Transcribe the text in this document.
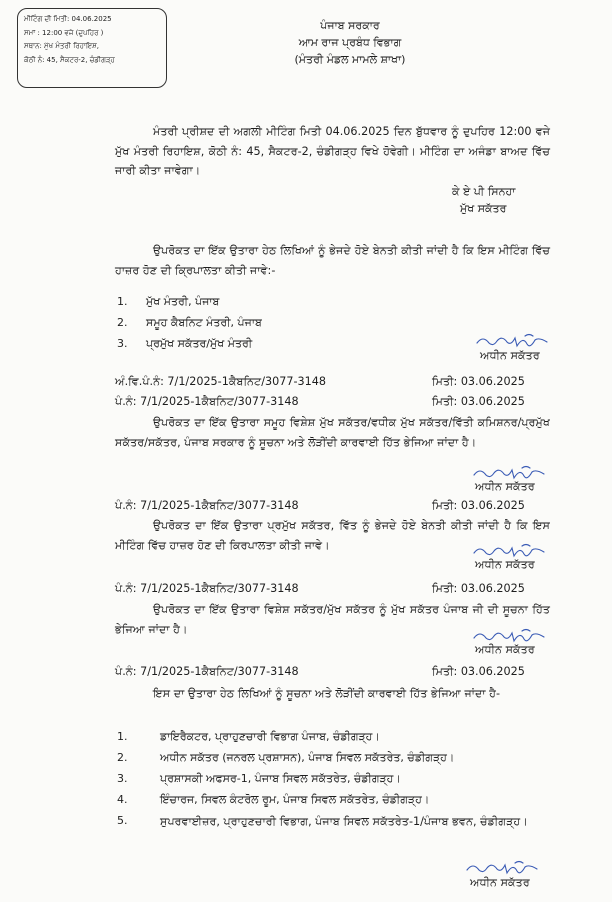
ਮੀਟਿੰਗ ਦੀ ਮਿਤੀ: 04.06.2025
ਸਮਾਂ : 12:00 ਵਜੇ (ਦੁਪਹਿਰ )
ਸਥਾਨ: ਮੁੱਖ ਮੰਤਰੀ ਰਿਹਾਇਸ਼,
ਕੋਠੀ ਨੰ: 45, ਸੈਕਟਰ-2, ਚੰਡੀਗੜ੍ਹ
ਪੰਜਾਬ ਸਰਕਾਰ
ਆਮ ਰਾਜ ਪ੍ਰਬੰਧ ਵਿਭਾਗ
(ਮੰਤਰੀ ਮੰਡਲ ਮਾਮਲੇ ਸ਼ਾਖਾ)
ਮੰਤਰੀ ਪ੍ਰੀਸ਼ਦ ਦੀ ਅਗਲੀ ਮੀਟਿੰਗ ਮਿਤੀ 04.06.2025 ਦਿਨ ਬੁੱਧਵਾਰ ਨੂੰ ਦੁਪਹਿਰ 12:00 ਵਜੇ ਮੁੱਖ ਮੰਤਰੀ ਰਿਹਾਇਸ਼, ਕੋਠੀ ਨੰ: 45, ਸੈਕਟਰ-2, ਚੰਡੀਗੜ੍ਹ ਵਿਖੇ ਹੋਵੇਗੀ। ਮੀਟਿੰਗ ਦਾ ਅਜੰਡਾ ਬਾਅਦ ਵਿੱਚ ਜਾਰੀ ਕੀਤਾ ਜਾਵੇਗਾ।
ਕੇ ਏ ਪੀ ਸਿਨਹਾ
ਮੁੱਖ ਸਕੱਤਰ
ਉਪਰੋਕਤ ਦਾ ਇੱਕ ਉਤਾਰਾ ਹੇਠ ਲਿਖਿਆਂ ਨੂੰ ਭੇਜਦੇ ਹੋਏ ਬੇਨਤੀ ਕੀਤੀ ਜਾਂਦੀ ਹੈ ਕਿ ਇਸ ਮੀਟਿੰਗ ਵਿੱਚ ਹਾਜ਼ਰ ਹੋਣ ਦੀ ਕ੍ਰਿਪਾਲਤਾ ਕੀਤੀ ਜਾਵੇ:-
1. ਮੁੱਖ ਮੰਤਰੀ, ਪੰਜਾਬ
2. ਸਮੂਹ ਕੈਬਨਿਟ ਮੰਤਰੀ, ਪੰਜਾਬ
3. ਪ੍ਰਮੁੱਖ ਸਕੱਤਰ/ਮੁੱਖ ਮੰਤਰੀ
ਅਧੀਨ ਸਕੱਤਰ
ਅੰ.ਵਿ.ਪੰ.ਨੰ: 7/1/2025-1ਕੈਬਨਿਟ/3077-3148	ਮਿਤੀ: 03.06.2025
ਪੰ.ਨੰ: 7/1/2025-1ਕੈਬਨਿਟ/3077-3148	ਮਿਤੀ: 03.06.2025
ਉਪਰੋਕਤ ਦਾ ਇੱਕ ਉਤਾਰਾ ਸਮੂਹ ਵਿਸ਼ੇਸ਼ ਮੁੱਖ ਸਕੱਤਰ/ਵਧੀਕ ਮੁੱਖ ਸਕੱਤਰ/ਵਿੱਤੀ ਕਮਿਸ਼ਨਰ/ਪ੍ਰਮੁੱਖ ਸਕੱਤਰ/ਸਕੱਤਰ, ਪੰਜਾਬ ਸਰਕਾਰ ਨੂੰ ਸੂਚਨਾ ਅਤੇ ਲੋੜੀਂਦੀ ਕਾਰਵਾਈ ਹਿੱਤ ਭੇਜਿਆ ਜਾਂਦਾ ਹੈ।
ਅਧੀਨ ਸਕੱਤਰ
ਪੰ.ਨੰ: 7/1/2025-1ਕੈਬਨਿਟ/3077-3148	ਮਿਤੀ: 03.06.2025
ਉਪਰੋਕਤ ਦਾ ਇੱਕ ਉਤਾਰਾ ਪ੍ਰਮੁੱਖ ਸਕੱਤਰ, ਵਿੱਤ ਨੂੰ ਭੇਜਦੇ ਹੋਏ ਬੇਨਤੀ ਕੀਤੀ ਜਾਂਦੀ ਹੈ ਕਿ ਇਸ ਮੀਟਿੰਗ ਵਿੱਚ ਹਾਜ਼ਰ ਹੋਣ ਦੀ ਕਿਰਪਾਲਤਾ ਕੀਤੀ ਜਾਵੇ।
ਅਧੀਨ ਸਕੱਤਰ
ਪੰ.ਨੰ: 7/1/2025-1ਕੈਬਨਿਟ/3077-3148	ਮਿਤੀ: 03.06.2025
ਉਪਰੋਕਤ ਦਾ ਇੱਕ ਉਤਾਰਾ ਵਿਸ਼ੇਸ਼ ਸਕੱਤਰ/ਮੁੱਖ ਸਕੱਤਰ ਨੂੰ ਮੁੱਖ ਸਕੱਤਰ ਪੰਜਾਬ ਜੀ ਦੀ ਸੂਚਨਾ ਹਿੱਤ ਭੇਜਿਆ ਜਾਂਦਾ ਹੈ।
ਅਧੀਨ ਸਕੱਤਰ
ਪੰ.ਨੰ: 7/1/2025-1ਕੈਬਨਿਟ/3077-3148	ਮਿਤੀ: 03.06.2025
ਇਸ ਦਾ ਉਤਾਰਾ ਹੇਠ ਲਿਖਿਆਂ ਨੂੰ ਸੂਚਨਾ ਅਤੇ ਲੋੜੀਂਦੀ ਕਾਰਵਾਈ ਹਿੱਤ ਭੇਜਿਆ ਜਾਂਦਾ ਹੈ-
1.	ਡਾਇਰੈਕਟਰ, ਪ੍ਰਾਹੁਣਚਾਰੀ ਵਿਭਾਗ ਪੰਜਾਬ, ਚੰਡੀਗੜ੍ਹ।
2.	ਅਧੀਨ ਸਕੱਤਰ (ਜਨਰਲ ਪ੍ਰਸ਼ਾਸਨ), ਪੰਜਾਬ ਸਿਵਲ ਸਕੱਤਰੇਤ, ਚੰਡੀਗੜ੍ਹ।
3.	ਪ੍ਰਸ਼ਾਸਕੀ ਅਫਸਰ-1, ਪੰਜਾਬ ਸਿਵਲ ਸਕੱਤਰੇਤ, ਚੰਡੀਗੜ੍ਹ।
4.	ਇੰਚਾਰਜ, ਸਿਵਲ ਕੰਟਰੋਲ ਰੂਮ, ਪੰਜਾਬ ਸਿਵਲ ਸਕੱਤਰੇਤ, ਚੰਡੀਗੜ੍ਹ।
5.	ਸੁਪਰਵਾਈਜ਼ਰ, ਪ੍ਰਾਹੁਣਚਾਰੀ ਵਿਭਾਗ, ਪੰਜਾਬ ਸਿਵਲ ਸਕੱਤਰੇਤ-1/ਪੰਜਾਬ ਭਵਨ, ਚੰਡੀਗੜ੍ਹ।
ਅਧੀਨ ਸਕੱਤਰ
